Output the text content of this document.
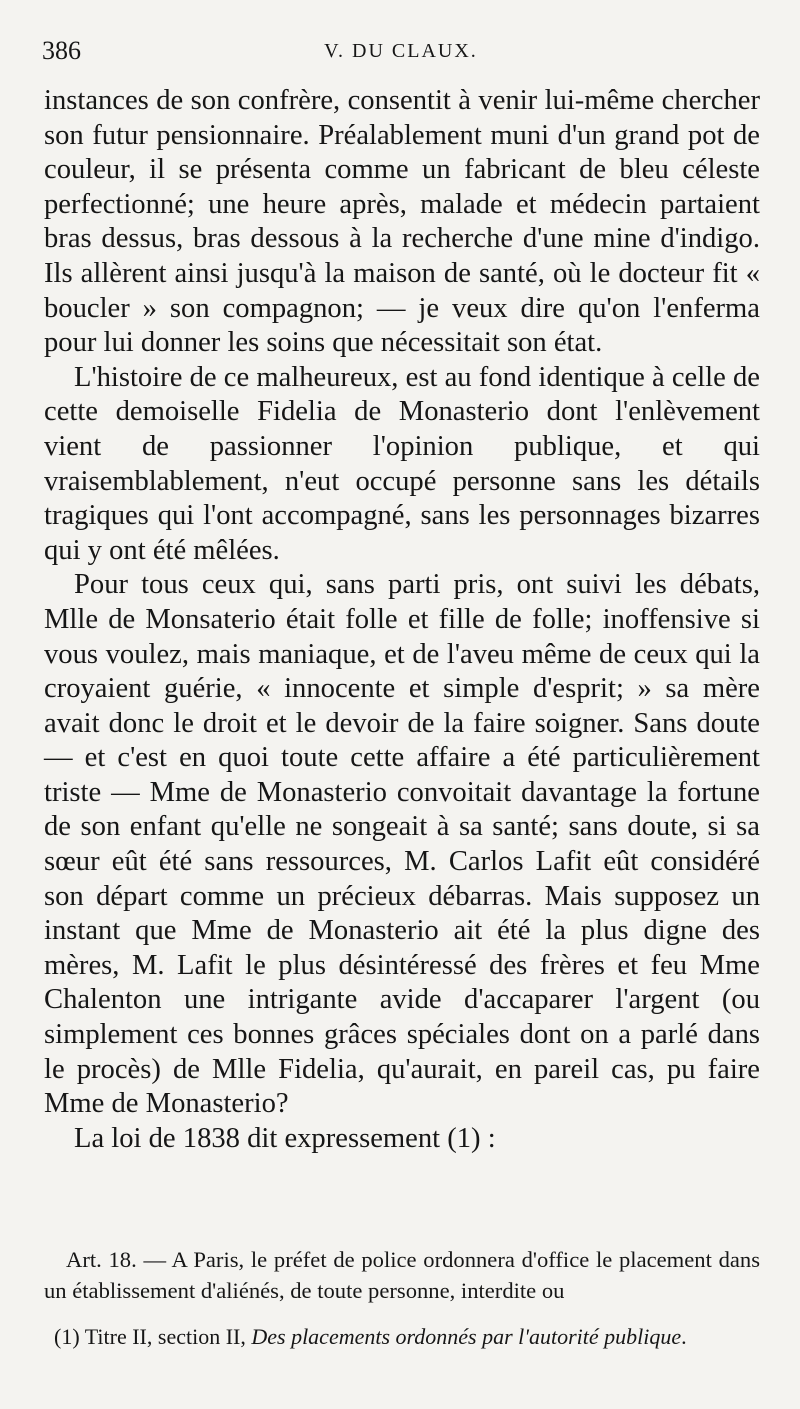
386	V. DU CLAUX.

instances de son confrère, consentit à venir lui-même chercher son futur pensionnaire. Préalablement muni d'un grand pot de couleur, il se présenta comme un fabricant de bleu céleste perfectionné; une heure après, malade et médecin partaient bras dessus, bras dessous à la recherche d'une mine d'indigo. Ils allèrent ainsi jusqu'à la maison de santé, où le docteur fit « boucler » son compagnon; — je veux dire qu'on l'enferma pour lui donner les soins que nécessitait son état.

L'histoire de ce malheureux, est au fond identique à celle de cette demoiselle Fidelia de Monasterio dont l'enlèvement vient de passionner l'opinion publique, et qui vraisemblablement, n'eut occupé personne sans les détails tragiques qui l'ont accompagné, sans les personnages bizarres qui y ont été mêlées.

Pour tous ceux qui, sans parti pris, ont suivi les débats, Mlle de Monsaterio était folle et fille de folle; inoffensive si vous voulez, mais maniaque, et de l'aveu même de ceux qui la croyaient guérie, « innocente et simple d'esprit; » sa mère avait donc le droit et le devoir de la faire soigner. Sans doute — et c'est en quoi toute cette affaire a été particulièrement triste — Mme de Monasterio convoitait davantage la fortune de son enfant qu'elle ne songeait à sa santé; sans doute, si sa sœur eût été sans ressources, M. Carlos Lafit eût considéré son départ comme un précieux débarras. Mais supposez un instant que Mme de Monasterio ait été la plus digne des mères, M. Lafit le plus désintéressé des frères et feu Mme Chalenton une intrigante avide d'accaparer l'argent (ou simplement ces bonnes grâces spéciales dont on a parlé dans le procès) de Mlle Fidelia, qu'aurait, en pareil cas, pu faire Mme de Monasterio?

La loi de 1838 dit expressement (1) :

Art. 18. — A Paris, le préfet de police ordonnera d'office le placement dans un établissement d'aliénés, de toute personne, interdite ou
(1) Titre II, section II, Des placements ordonnés par l'autorité publique.
